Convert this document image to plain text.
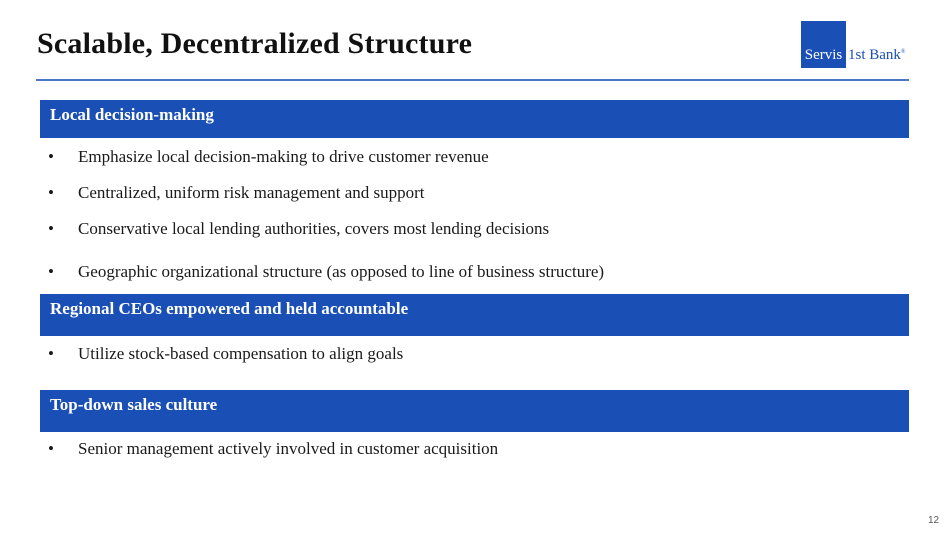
Scalable, Decentralized Structure	Servis 1st Bank®
Local decision-making
• Emphasize local decision-making to drive customer revenue
• Centralized, uniform risk management and support
• Conservative local lending authorities, covers most lending decisions
• Geographic organizational structure (as opposed to line of business structure)
Regional CEOs empowered and held accountable
• Utilize stock-based compensation to align goals
Top-down sales culture
• Senior management actively involved in customer acquisition
12
